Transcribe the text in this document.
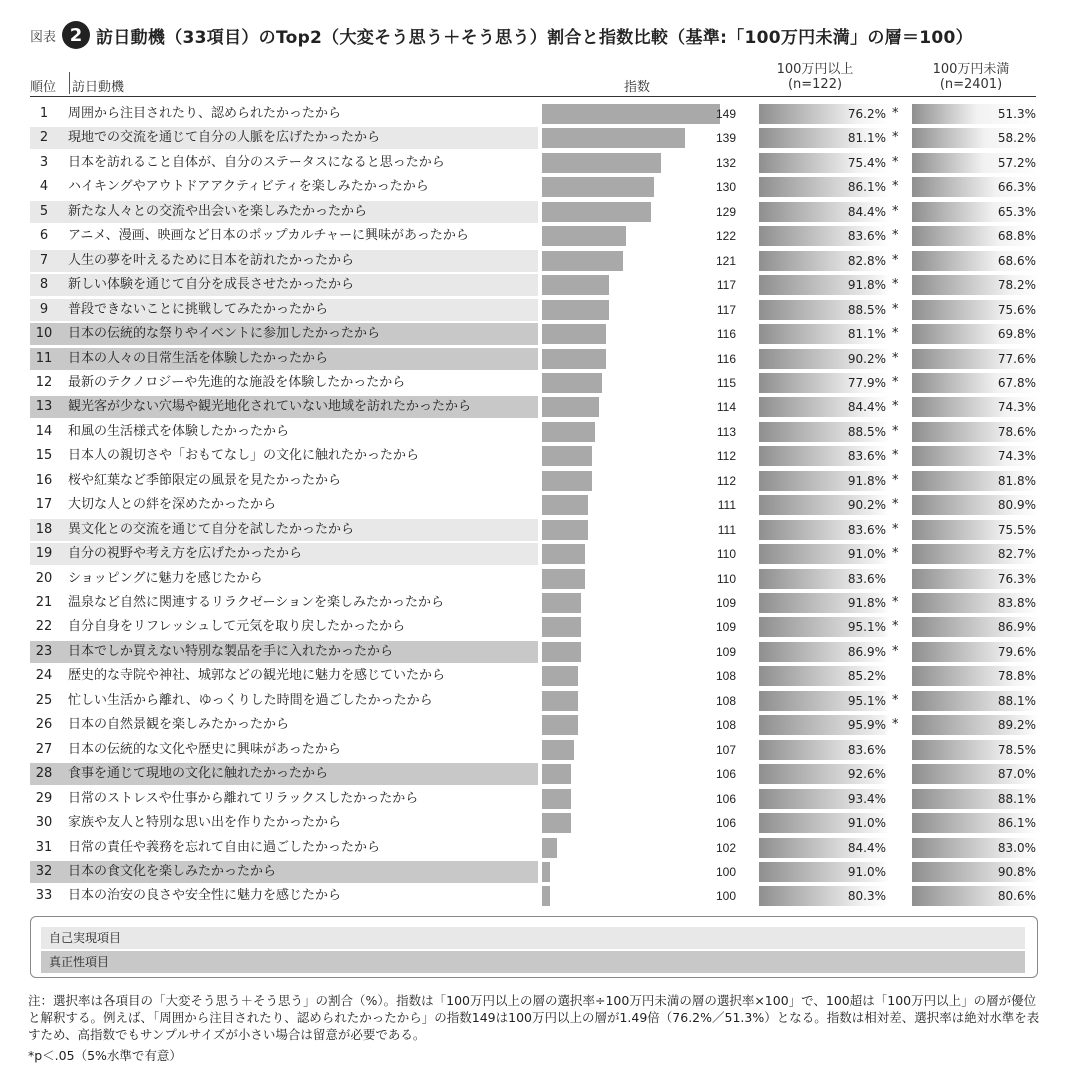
図表 2 訪日動機（33項目）のTop2（大変そう思う＋そう思う）割合と指数比較（基準:「100万円未満」の層＝100）
順位 訪日動機	指数
100万円以上
(n=122)
100万円未満
(n=2401)
1	周囲から注目されたり、認められたかったから	149	76.2% *	51.3%
2	現地での交流を通じて自分の人脈を広げたかったから	139	81.1% *	58.2%
3	日本を訪れること自体が、自分のステータスになると思ったから	132	75.4% *	57.2%
4	ハイキングやアウトドアアクティビティを楽しみたかったから	130	86.1% *	66.3%
5	新たな人々との交流や出会いを楽しみたかったから	129	84.4% *	65.3%
6	アニメ、漫画、映画など日本のポップカルチャーに興味があったから	122	83.6% *	68.8%
7	人生の夢を叶えるために日本を訪れたかったから	121	82.8% *	68.6%
8	新しい体験を通じて自分を成長させたかったから	117	91.8% *	78.2%
9	普段できないことに挑戦してみたかったから	117	88.5% *	75.6%
10	日本の伝統的な祭りやイベントに参加したかったから	116	81.1% *	69.8%
11	日本の人々の日常生活を体験したかったから	116	90.2% *	77.6%
12	最新のテクノロジーや先進的な施設を体験したかったから	115	77.9% *	67.8%
13	観光客が少ない穴場や観光地化されていない地域を訪れたかったから	114	84.4% *	74.3%
14	和風の生活様式を体験したかったから	113	88.5% *	78.6%
15	日本人の親切さや「おもてなし」の文化に触れたかったから	112	83.6% *	74.3%
16	桜や紅葉など季節限定の風景を見たかったから	112	91.8% *	81.8%
17	大切な人との絆を深めたかったから	111	90.2% *	80.9%
18	異文化との交流を通じて自分を試したかったから	111	83.6% *	75.5%
19	自分の視野や考え方を広げたかったから	110	91.0% *	82.7%
20	ショッピングに魅力を感じたから	110	83.6%	76.3%
21	温泉など自然に関連するリラクゼーションを楽しみたかったから	109	91.8% *	83.8%
22	自分自身をリフレッシュして元気を取り戻したかったから	109	95.1% *	86.9%
23	日本でしか買えない特別な製品を手に入れたかったから	109	86.9% *	79.6%
24	歴史的な寺院や神社、城郭などの観光地に魅力を感じていたから	108	85.2%	78.8%
25	忙しい生活から離れ、ゆっくりした時間を過ごしたかったから	108	95.1% *	88.1%
26	日本の自然景観を楽しみたかったから	108	95.9% *	89.2%
27	日本の伝統的な文化や歴史に興味があったから	107	83.6%	78.5%
28	食事を通じて現地の文化に触れたかったから	106	92.6%	87.0%
29	日常のストレスや仕事から離れてリラックスしたかったから	106	93.4%	88.1%
30	家族や友人と特別な思い出を作りたかったから	106	91.0%	86.1%
31	日常の責任や義務を忘れて自由に過ごしたかったから	102	84.4%	83.0%
32	日本の食文化を楽しみたかったから	100	91.0%	90.8%
33	日本の治安の良さや安全性に魅力を感じたから	100	80.3%	80.6%
自己実現項目
真正性項目
注：選択率は各項目の「大変そう思う＋そう思う」の割合（%）。指数は「100万円以上の層の選択率÷100万円未満の層の選択率×100」で、100超は「100万円以上」の層が優位と解釈する。例えば、「周囲から注目されたり、認められたかったから」の指数149は100万円以上の層が1.49倍（76.2%／51.3%）となる。指数は相対差、選択率は絶対水準を表すため、高指数でもサンプルサイズが小さい場合は留意が必要である。
*p＜.05（5%水準で有意）
